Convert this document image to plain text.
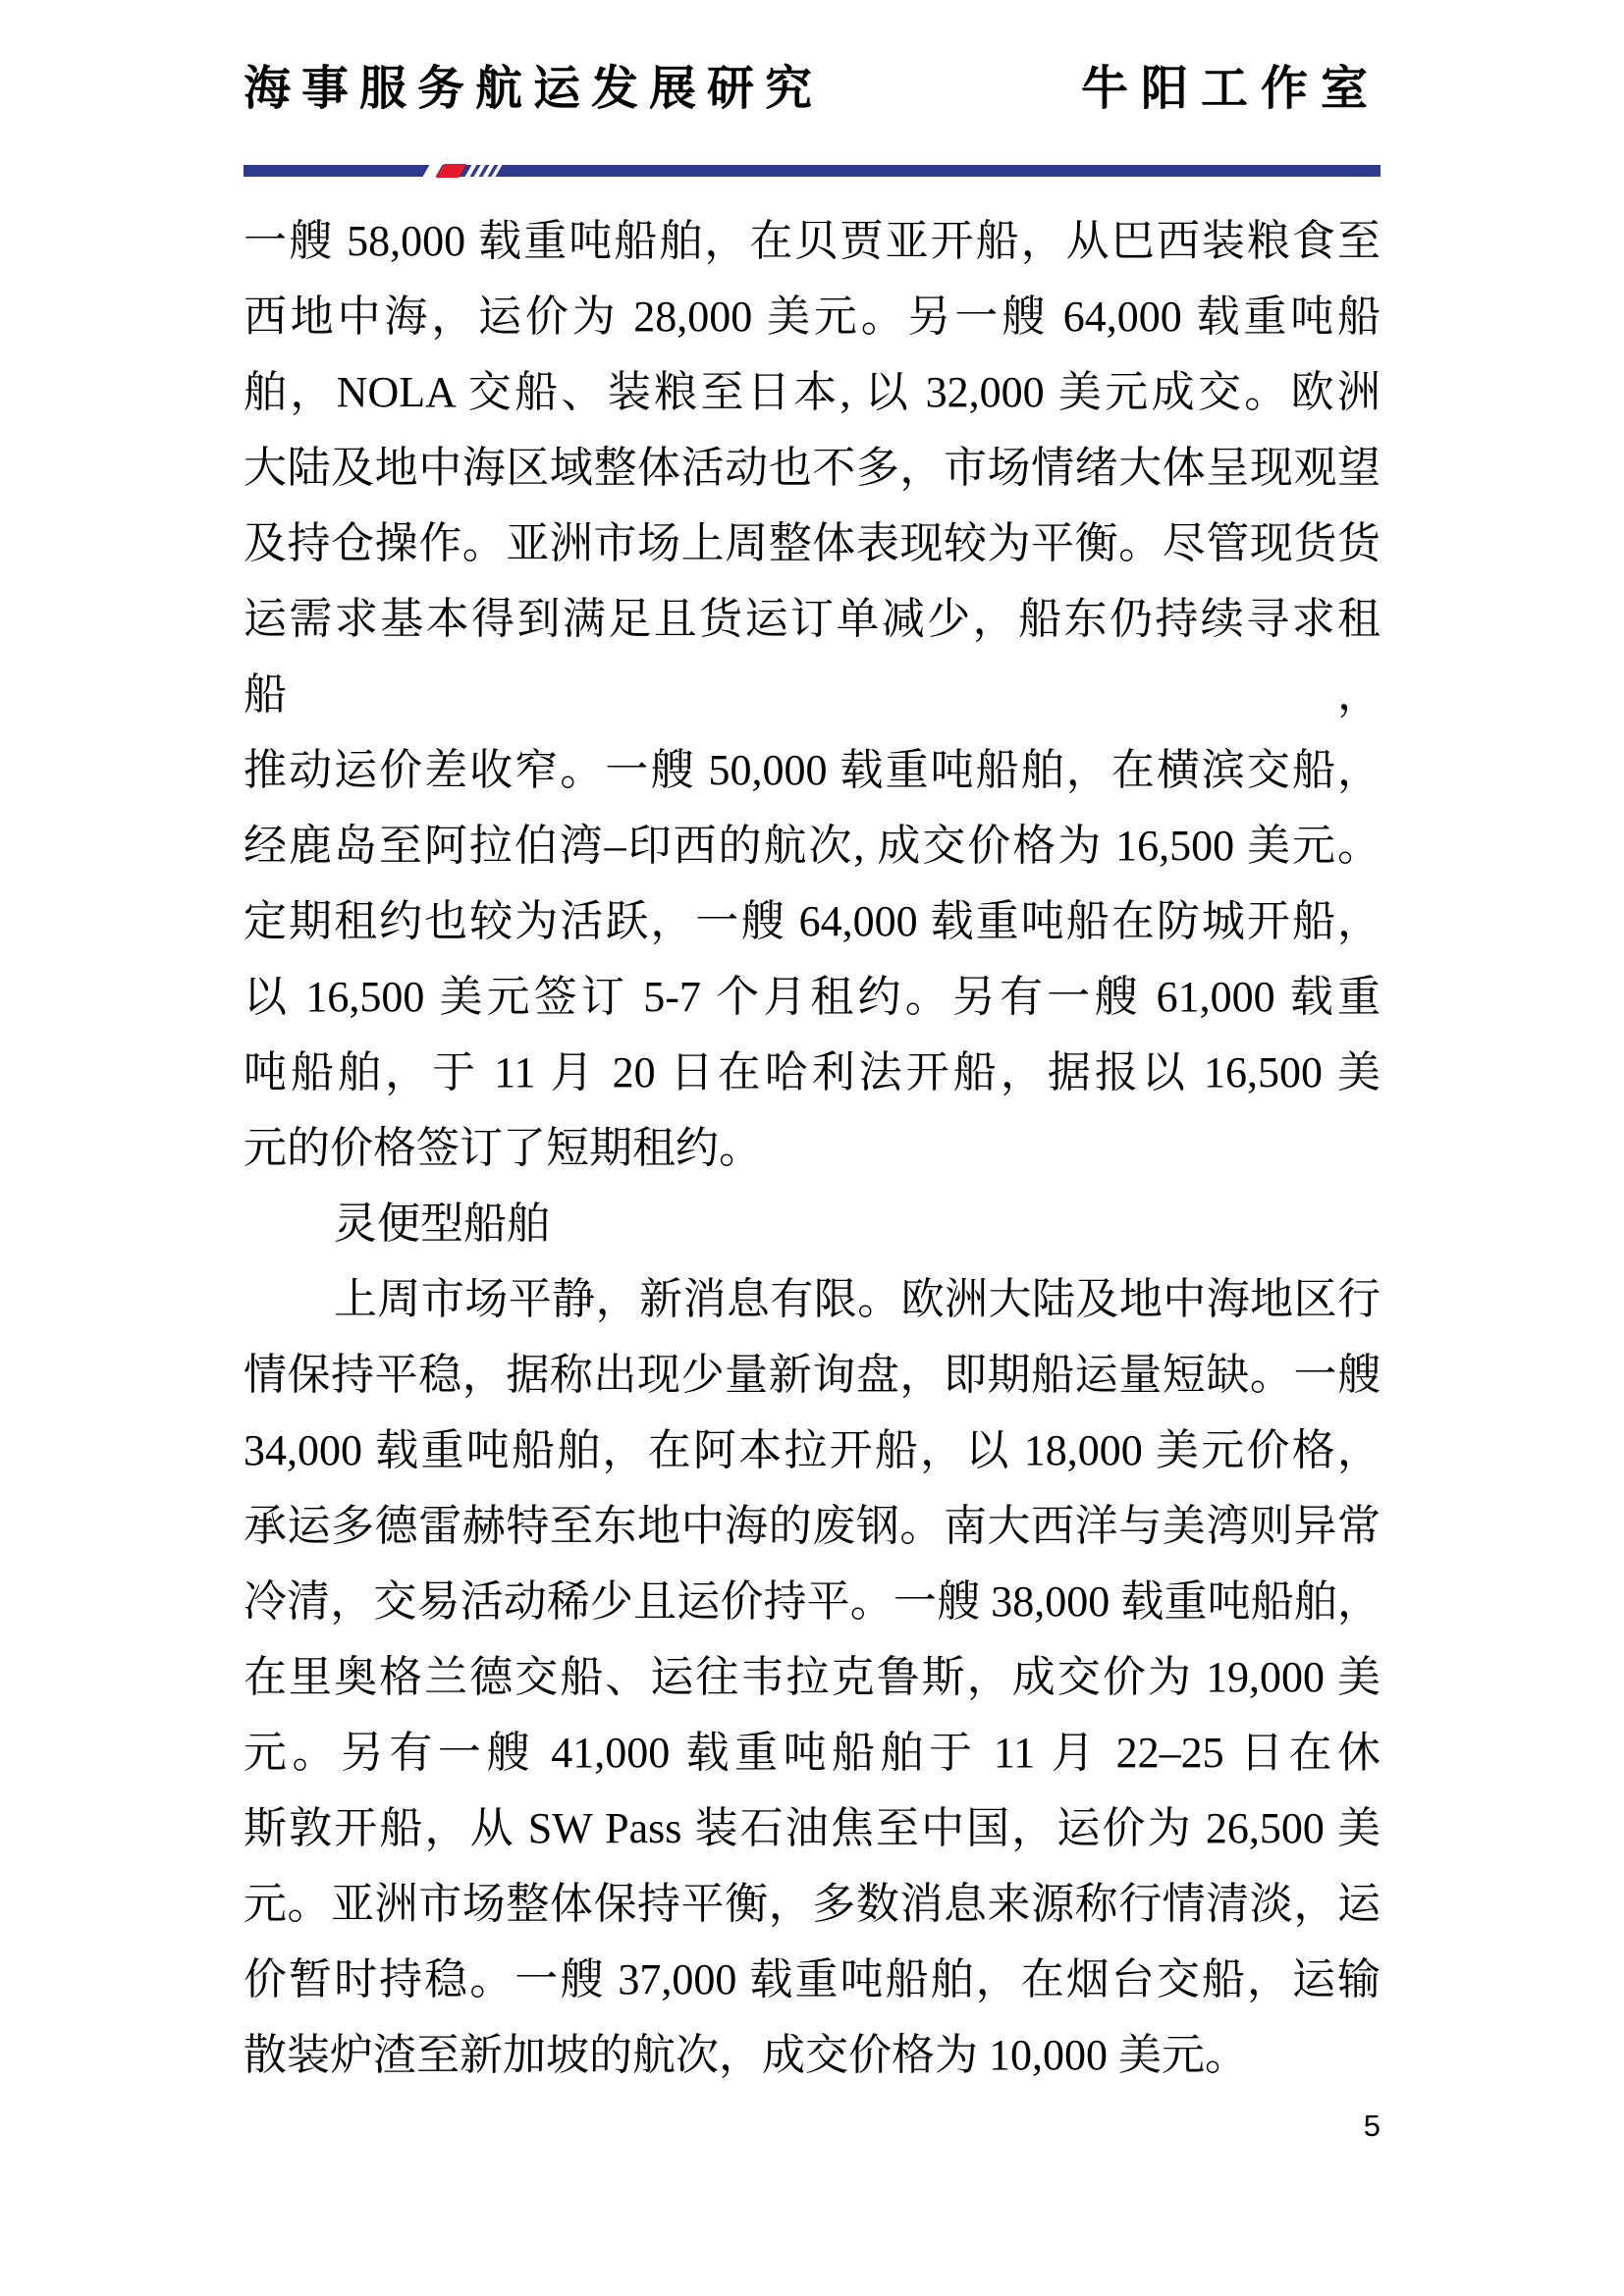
海事服务航运发展研究	牛阳工作室
一艘 58,000 载重吨船舶，在贝贾亚开船，从巴西装粮食至
西地中海，运价为 28,000 美元。另一艘 64,000 载重吨船
舶，NOLA 交船、装粮至日本, 以 32,000 美元成交。欧洲
大陆及地中海区域整体活动也不多，市场情绪大体呈现观望
及持仓操作。亚洲市场上周整体表现较为平衡。尽管现货货
运需求基本得到满足且货运订单减少，船东仍持续寻求租船，
推动运价差收窄。一艘 50,000 载重吨船舶，在横滨交船，
经鹿岛至阿拉伯湾–印西的航次, 成交价格为 16,500 美元。
定期租约也较为活跃，一艘 64,000 载重吨船在防城开船，
以 16,500 美元签订 5-7 个月租约。另有一艘 61,000 载重
吨船舶，于 11 月 20 日在哈利法开船，据报以 16,500 美
元的价格签订了短期租约。
灵便型船舶
上周市场平静，新消息有限。欧洲大陆及地中海地区行
情保持平稳，据称出现少量新询盘，即期船运量短缺。一艘
34,000 载重吨船舶，在阿本拉开船，以 18,000 美元价格，
承运多德雷赫特至东地中海的废钢。南大西洋与美湾则异常
冷清，交易活动稀少且运价持平。一艘 38,000 载重吨船舶，
在里奥格兰德交船、运往韦拉克鲁斯，成交价为 19,000 美
元。另有一艘 41,000 载重吨船舶于 11 月 22–25 日在休
斯敦开船，从 SW Pass 装石油焦至中国，运价为 26,500 美
元。亚洲市场整体保持平衡，多数消息来源称行情清淡，运
价暂时持稳。一艘 37,000 载重吨船舶，在烟台交船，运输
散装炉渣至新加坡的航次，成交价格为 10,000 美元。
5
